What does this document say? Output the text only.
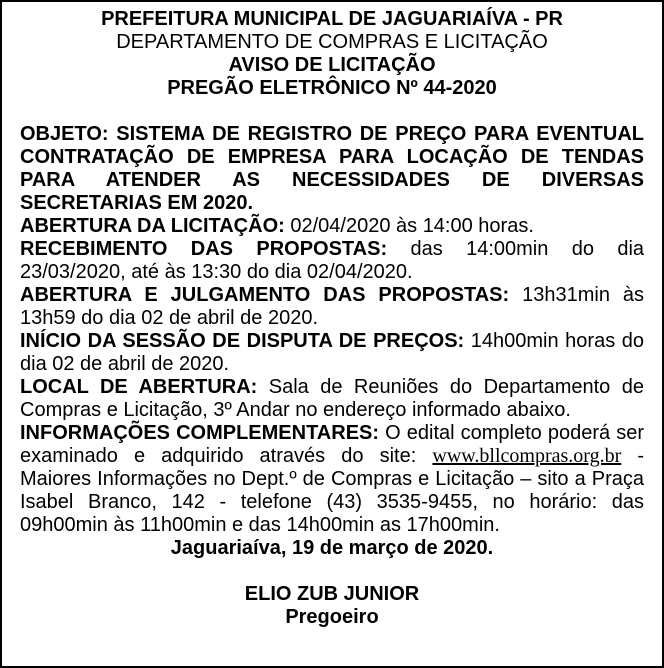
PREFEITURA MUNICIPAL DE JAGUARIAÍVA - PR
DEPARTAMENTO DE COMPRAS E LICITAÇÃO
AVISO DE LICITAÇÃO
PREGÃO ELETRÔNICO Nº 44-2020

OBJETO: SISTEMA DE REGISTRO DE PREÇO PARA EVENTUAL CONTRATAÇÃO DE EMPRESA PARA LOCAÇÃO DE TENDAS PARA ATENDER AS NECESSIDADES DE DIVERSAS SECRETARIAS EM 2020.

ABERTURA DA LICITAÇÃO: 02/04/2020 às 14:00 horas.

RECEBIMENTO DAS PROPOSTAS: das 14:00min do dia 23/03/2020, até às 13:30 do dia 02/04/2020.

ABERTURA E JULGAMENTO DAS PROPOSTAS: 13h31min às 13h59 do dia 02 de abril de 2020.

INÍCIO DA SESSÃO DE DISPUTA DE PREÇOS: 14h00min horas do dia 02 de abril de 2020.

LOCAL DE ABERTURA: Sala de Reuniões do Departamento de Compras e Licitação, 3º Andar no endereço informado abaixo.

INFORMAÇÕES COMPLEMENTARES: O edital completo poderá ser examinado e adquirido através do site: www.bllcompras.org.br - Maiores Informações no Dept.º de Compras e Licitação – sito a Praça Isabel Branco, 142 - telefone (43) 3535-9455, no horário: das 09h00min às 11h00min e das 14h00min as 17h00min.

Jaguariaíva, 19 de março de 2020.

ELIO ZUB JUNIOR

Pregoeiro
